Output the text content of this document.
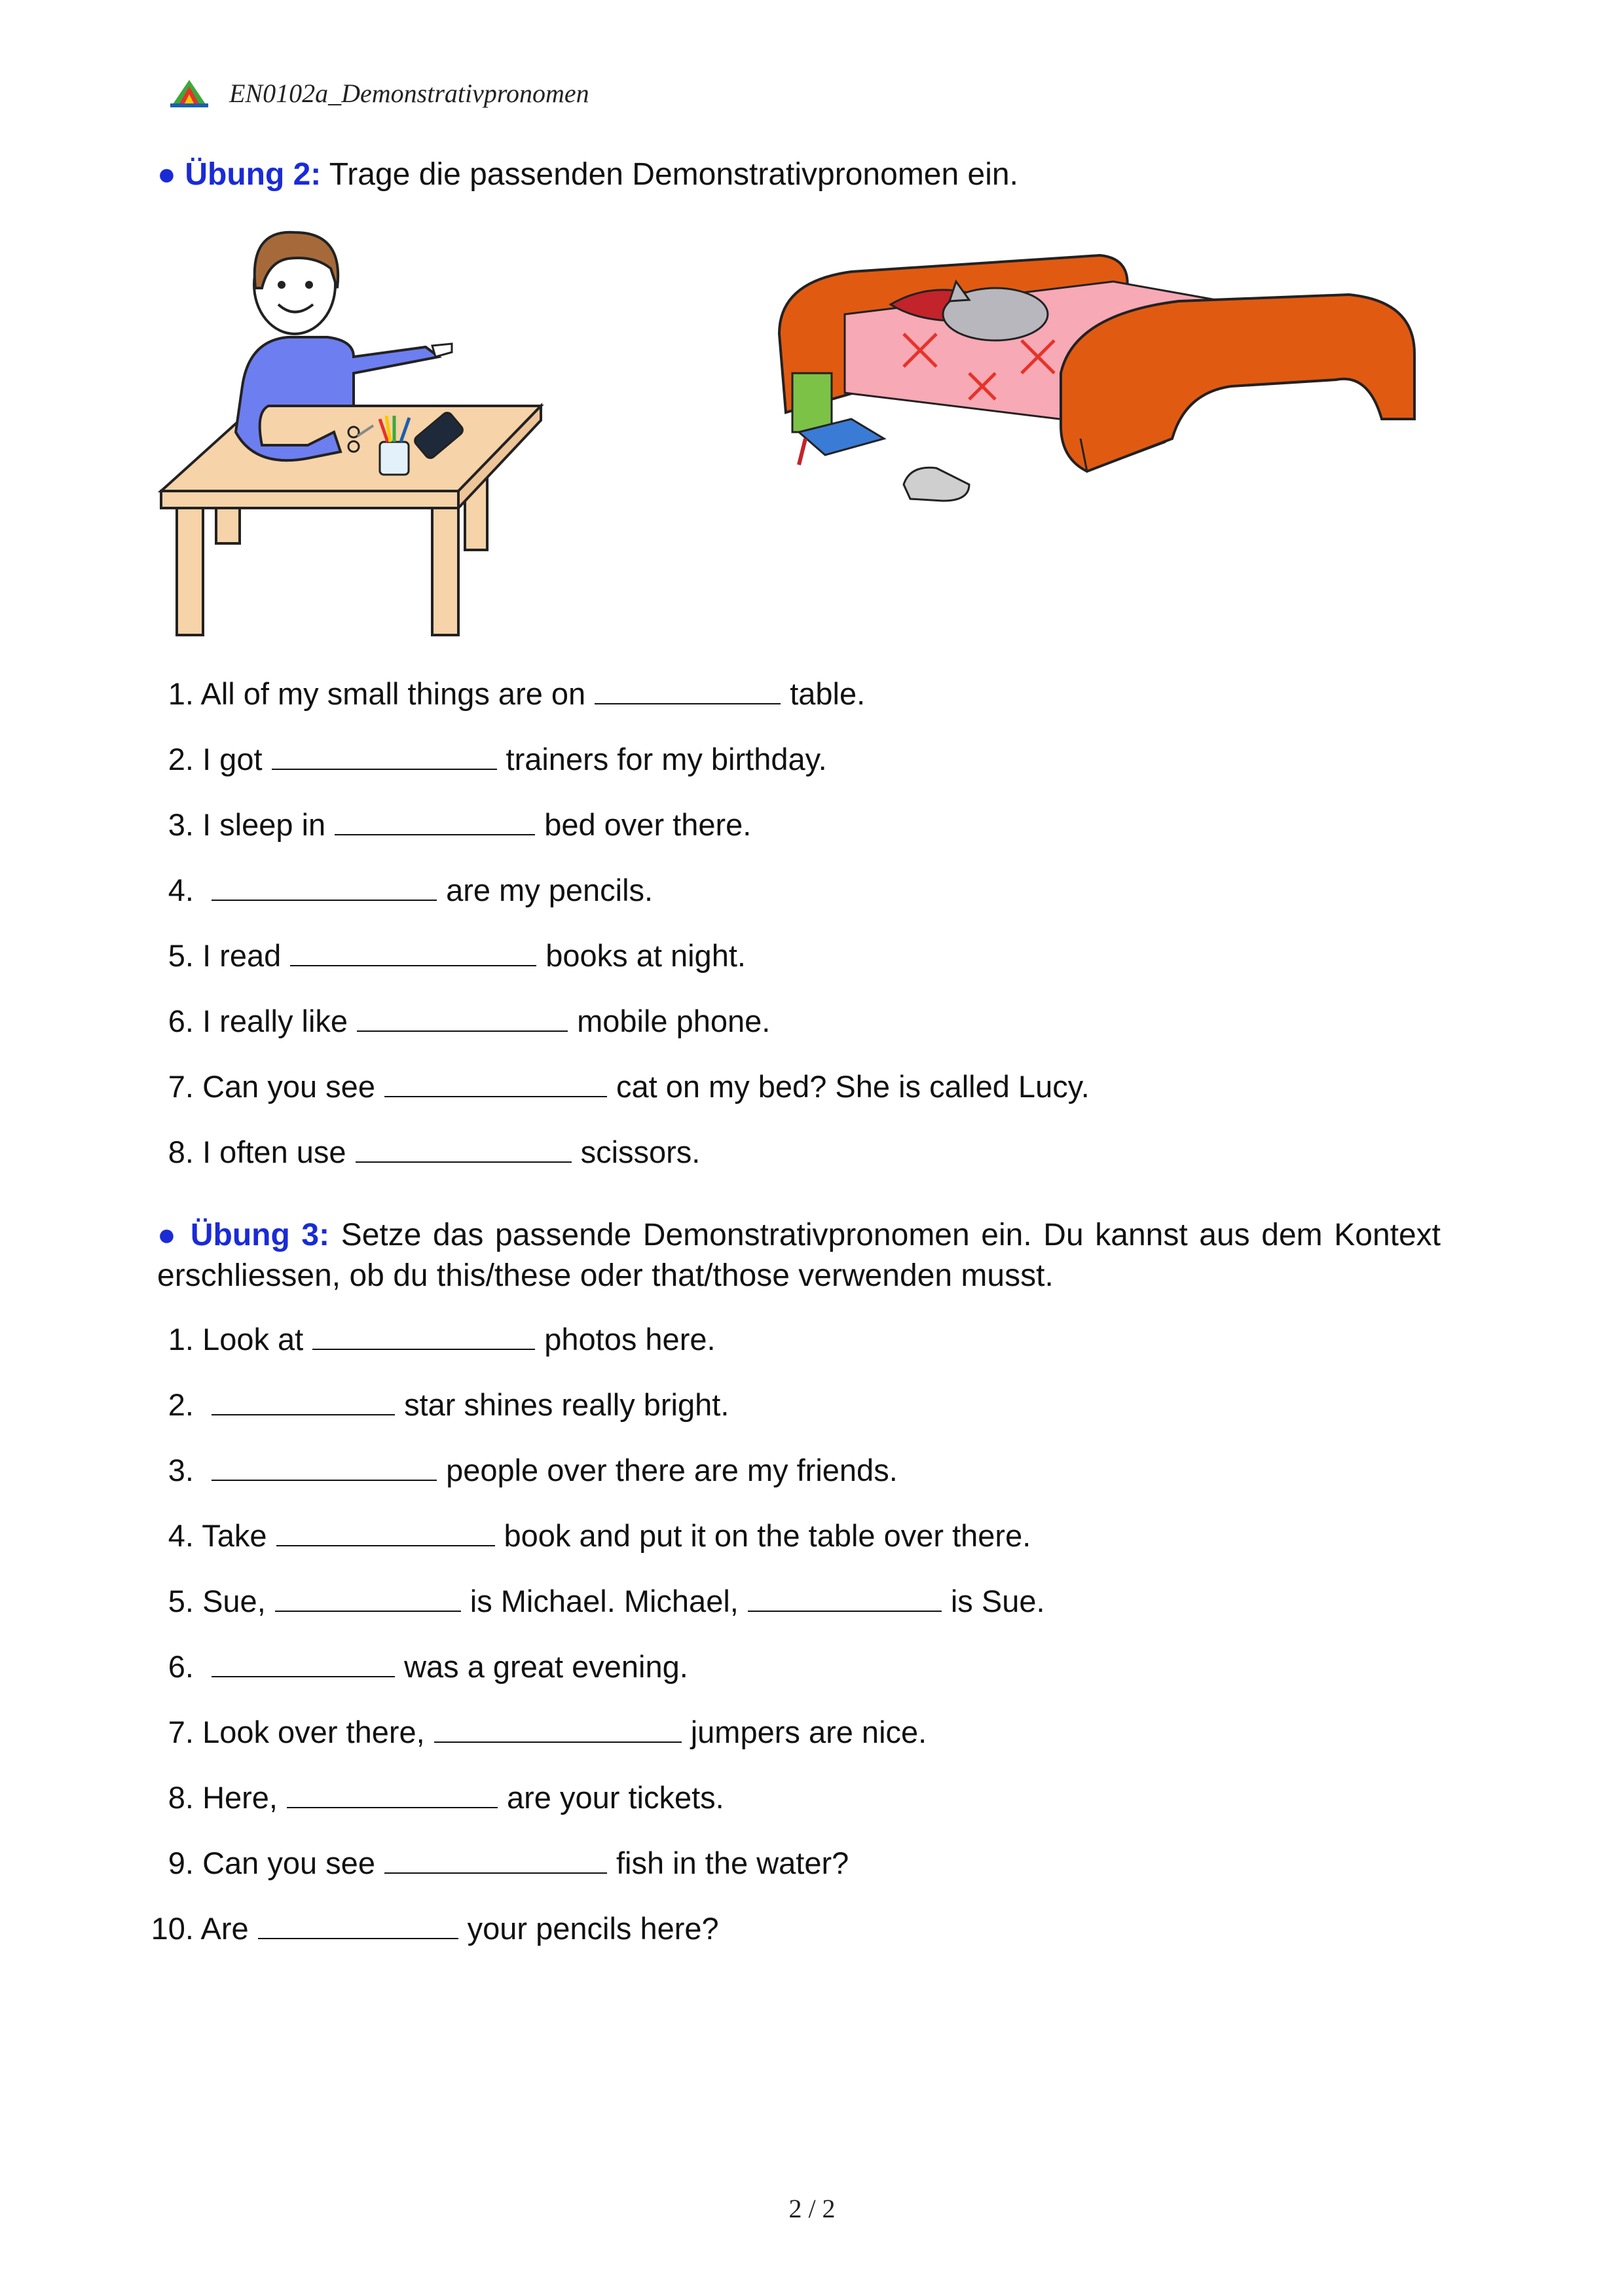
EN0102a_Demonstrativpronomen
● Übung 2: Trage die passenden Demonstrativpronomen ein.
1. All of my small things are on	table.
2. I got	trainers for my birthday.
3. I sleep in	bed over there.
4.	are my pencils.
5. I read	books at night.
6. I really like	mobile phone.
7. Can you see	cat on my bed? She is called Lucy.
8. I often use	scissors.
● Übung 3: Setze das passende Demonstrativpronomen ein. Du kannst aus dem Kontext erschliessen, ob du this/these oder that/those verwenden musst.
1. Look at	photos here.
2.	star shines really bright.
3.	people over there are my friends.
4. Take	book and put it on the table over there.
5. Sue,	is Michael. Michael,	is Sue.
6.	was a great evening.
7. Look over there,	jumpers are nice.
8. Here,	are your tickets.
9. Can you see	fish in the water?
10. Are	your pencils here?
2 / 2
